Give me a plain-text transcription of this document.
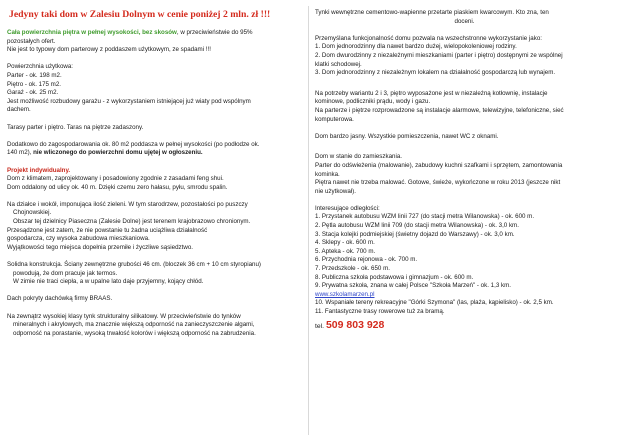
Jedyny taki dom w Zalesiu Dolnym w cenie poniżej 2 mln. zł !!!

Cała powierzchnia piętra w pełnej wysokości, bez skosów, w przeciwieństwie do 95%

pozostałych ofert.

Nie jest to typowy dom parterowy z poddaszem użytkowym, ze spadami !!!

Powierzchnia użytkowa:

Parter - ok. 198 m2.

Piętro - ok. 175 m2.

Garaż - ok. 25 m2.

Jest możliwość rozbudowy garażu - z wykorzystaniem istniejącej już wiaty pod wspólnym

dachem.

Tarasy parter i piętro. Taras na piętrze zadaszony.

Dodatkowo do zagospodarowania ok. 80 m2 poddasza w pełnej wysokości (po podłodze ok.

140 m2), nie wliczonego do powierzchni domu ujętej w ogłoszeniu.

Projekt indywidualny.

Dom z klimatem, zaprojektowany i posadowiony zgodnie z zasadami feng shui.

Dom oddalony od ulicy ok. 40 m. Dzięki czemu zero hałasu, pyłu, smrodu spalin.

Na działce i wokół, imponująca ilość zieleni. W tym starodrzew, pozostałości po puszczy

Chojnowskiej.

Obszar tej dzielnicy Piaseczna (Zalesie Dolne) jest terenem krajobrazowo chronionym.

Przesądzone jest zatem, że nie powstanie tu żadna uciążliwa działalność

gospodarcza, czy wysoka zabudowa mieszkaniowa.

Wyjątkowości tego miejsca dopełnia przemiłe i życzliwe sąsiedztwo.

Solidna konstrukcja. Ściany zewnętrzne grubości 46 cm. (bloczek 36 cm + 10 cm styropianu)

powodują, że dom pracuje jak termos.

W zimie nie traci ciepła, a w upalne lato daje przyjemny, kojący chłód.

Dach pokryty dachówką firmy BRAAS.

Na zewnątrz wysokiej klasy tynk strukturalny silikatowy. W przeciwieństwie do tynków

mineralnych i akrylowych, ma znacznie większą odporność na zanieczyszczenie algami,

odporność na porastanie, wysoką trwałość kolorów i większą odporność na zabrudzenia.

Tynki wewnętrzne cementowo-wapienne przetarte piaskiem kwarcowym. Kto zna, ten

doceni.

Przemyślana funkcjonalność domu pozwala na wszechstronne wykorzystanie jako:

1. Dom jednorodzinny dla nawet bardzo dużej, wielopokoleniowej rodziny.

2. Dom dwurodzinny z niezależnymi mieszkaniami (parter i piętro) dostępnymi ze wspólnej

klatki schodowej.

3. Dom jednorodzinny z niezależnym lokalem na działalność gospodarczą lub wynajem.

Na potrzeby wariantu 2 i 3, piętro wyposażone jest w niezależną kotłownię, instalacje

kominowe, podliczniki prądu, wody i gazu.

Na parterze i piętrze rozprowadzone są instalacje alarmowe, telewizyjne, telefoniczne, sieć

komputerowa.

Dom bardzo jasny. Wszystkie pomieszczenia, nawet WC z oknami.

Dom w stanie do zamieszkania.

Parter do odświeżenia (malowanie), zabudowy kuchni szafkami i sprzętem, zamontowania

kominka.

Piętra nawet nie trzeba malować. Gotowe, świeże, wykończone w roku 2013 (jeszcze nikt

nie użytkował).

Interesujące odległości:

1. Przystanek autobusu WZM linii 727 (do stacji metra Wilanowska) - ok. 600 m.

2. Pętla autobusu WZM linii 709 (do stacji metra Wilanowska) - ok. 3,0 km.

3. Stacja kolejki podmiejskiej (świetny dojazd do Warszawy) - ok. 3,0 km.

4. Sklepy - ok. 600 m.

5. Apteka - ok. 700 m.

6. Przychodnia rejonowa - ok. 700 m.

7. Przedszkole - ok. 650 m.

8. Publiczna szkoła podstawowa i gimnazjum - ok. 600 m.

9. Prywatna szkoła, znana w całej Polsce "Szkoła Marzeń" - ok. 1,3 km.

www.szkolamarzen.pl

10. Wspaniałe tereny rekreacyjne "Górki Szymona" (las, plaża, kąpielisko) - ok. 2,5 km.

11. Fantastyczne trasy rowerowe tuż za bramą.

tel. 509 803 928
